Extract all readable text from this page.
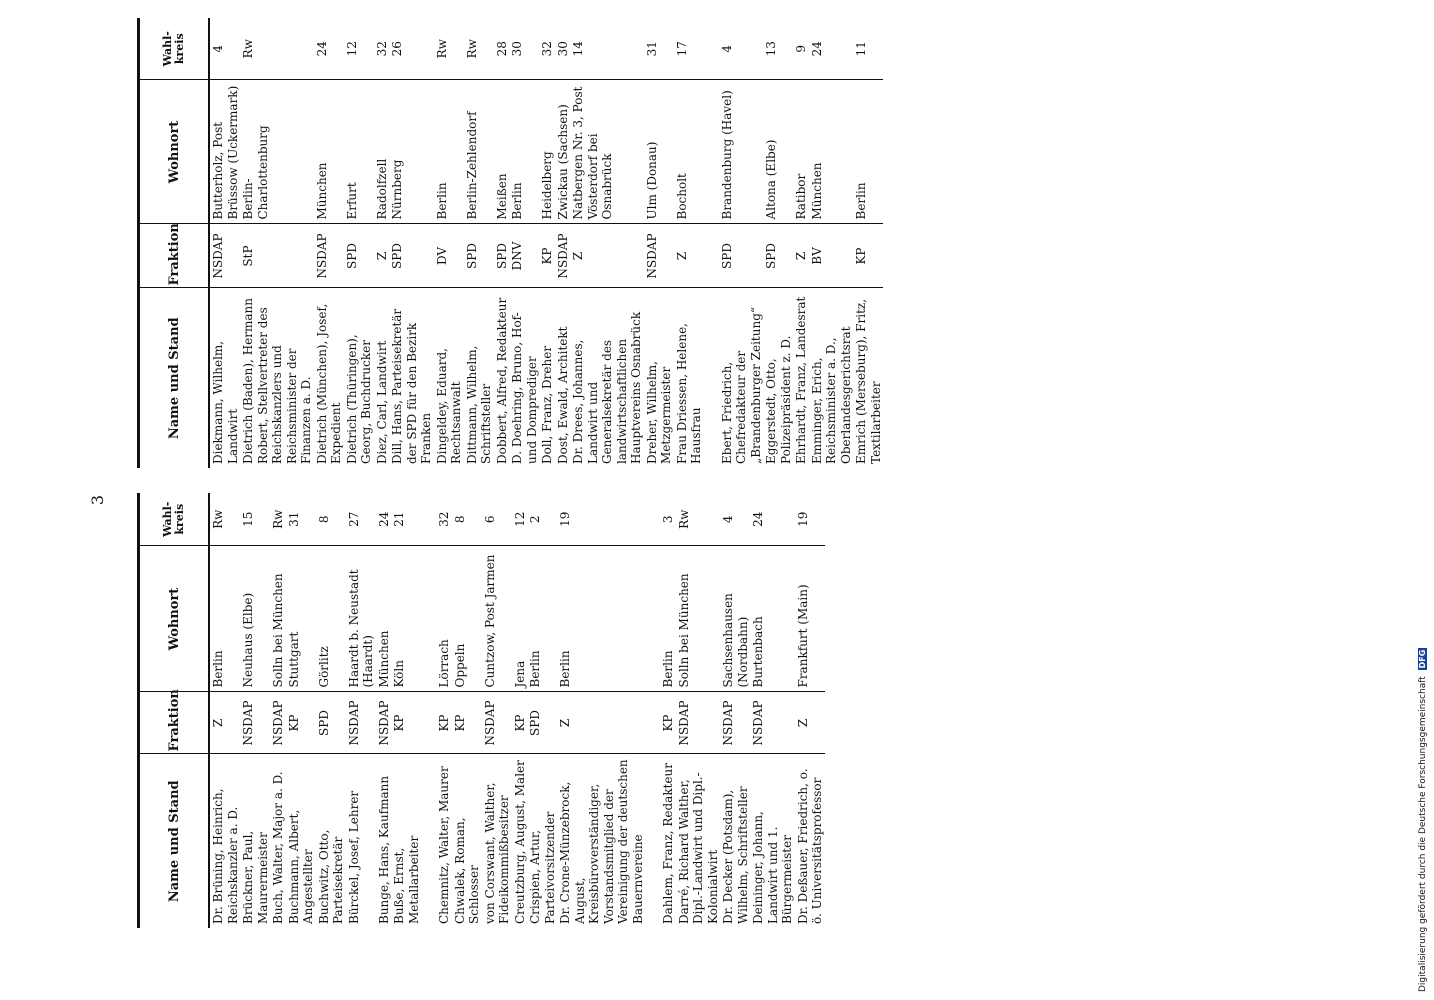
3
Name und Stand	Fraktion	Wohnort	Wahl-
kreis
Dr. Brüning, Heinrich, Reichskanzler a. D.	Z	Berlin	Rw
Brückner, Paul, Maurermeister	NSDAP	Neuhaus (Elbe)	15
Buch, Walter, Major a. D.	NSDAP	Solln bei München	Rw
Buchmann, Albert, Angestellter	KP	Stuttgart	31
Buchwitz, Otto, Parteisekretär	SPD	Görlitz	8
Bürckel, Josef, Lehrer	NSDAP	Haardt b. Neustadt (Haardt)	27
Bunge, Hans, Kaufmann	NSDAP	München	24
Buße, Ernst, Metallarbeiter	KP	Köln	21

Chemnitz, Walter, Maurer	KP	Lörrach	32
Chwalek, Roman, Schlosser	KP	Oppeln	8
von Corswant, Walther, Fideikommißbesitzer	NSDAP	Cuntzow, Post Jarmen	6
Creutzburg, August, Maler	KP	Jena	12
Crispien, Artur, Parteivorsitzender	SPD	Berlin	2
Dr. Crone-Münzebrock, August, Kreisbüroverständiger, Vorstandsmitglied der Vereinigung der deutschen Bauernvereine	Z	Berlin	19

Dahlem, Franz, Redakteur	KP	Berlin	3
Darré, Richard Walther, Dipl.-Landwirt und Dipl.-Kolonialwirt	NSDAP	Solln bei München	Rw
Dr. Decker (Potsdam), Wilhelm, Schriftsteller	NSDAP	Sachsenhausen (Nordbahn)	4
Deininger, Johann, Landwirt und 1. Bürgermeister	NSDAP	Burtenbach	24
Dr. Deßauer, Friedrich, o. ö. Universitätsprofessor	Z	Frankfurt (Main)	19
Name und Stand	Fraktion	Wohnort	Wahl-
kreis
Diekmann, Wilhelm, Landwirt	NSDAP	Butterholz, Post Brüssow (Uckermark)	4
Dietrich (Baden), Hermann Robert, Stellvertreter des Reichskanzlers und Reichsminister der Finanzen a. D.	StP	Berlin-Charlottenburg	Rw
Dietrich (München), Josef, Expedient	NSDAP	München	24
Dietrich (Thüringen), Georg, Buchdrucker	SPD	Erfurt	12
Diez, Carl, Landwirt	Z	Radolfzell	32
Dill, Hans, Parteisekretär der SPD für den Bezirk Franken	SPD	Nürnberg	26
Dingeldey, Eduard, Rechtsanwalt	DV	Berlin	Rw
Dittmann, Wilhelm, Schriftsteller	SPD	Berlin-Zehlendorf	Rw
Dobbert, Alfred, Redakteur	SPD	Meißen	28
D. Doehring, Bruno, Hof- und Domprediger	DNV	Berlin	30
Doll, Franz, Dreher	KP	Heidelberg	32
Dost, Ewald, Architekt	NSDAP	Zwickau (Sachsen)	30
Dr. Drees, Johannes, Landwirt und Generalsekretär des landwirtschaftlichen Hauptvereins Osnabrück	Z	Natbergen Nr. 3, Post Vösterdorf bei Osnabrück	14
Dreher, Wilhelm, Metzgermeister	NSDAP	Ulm (Donau)	31
Frau Driessen, Helene, Hausfrau	Z	Bocholt	17

Ebert, Friedrich, Chefredakteur der „Brandenburger Zeitung“	SPD	Brandenburg (Havel)	4
Eggerstedt, Otto, Polizeipräsident z. D.	SPD	Altona (Elbe)	13
Ehrhardt, Franz, Landesrat	Z	Ratibor	9
Emminger, Erich, Reichsminister a. D., Oberlandesgerichtsrat	BV	München	24
Emrich (Merseburg), Fritz, Textilarbeiter	KP	Berlin	11
Digitalisierung gefördert durch die Deutsche Forschungsgemeinschaft DFG
